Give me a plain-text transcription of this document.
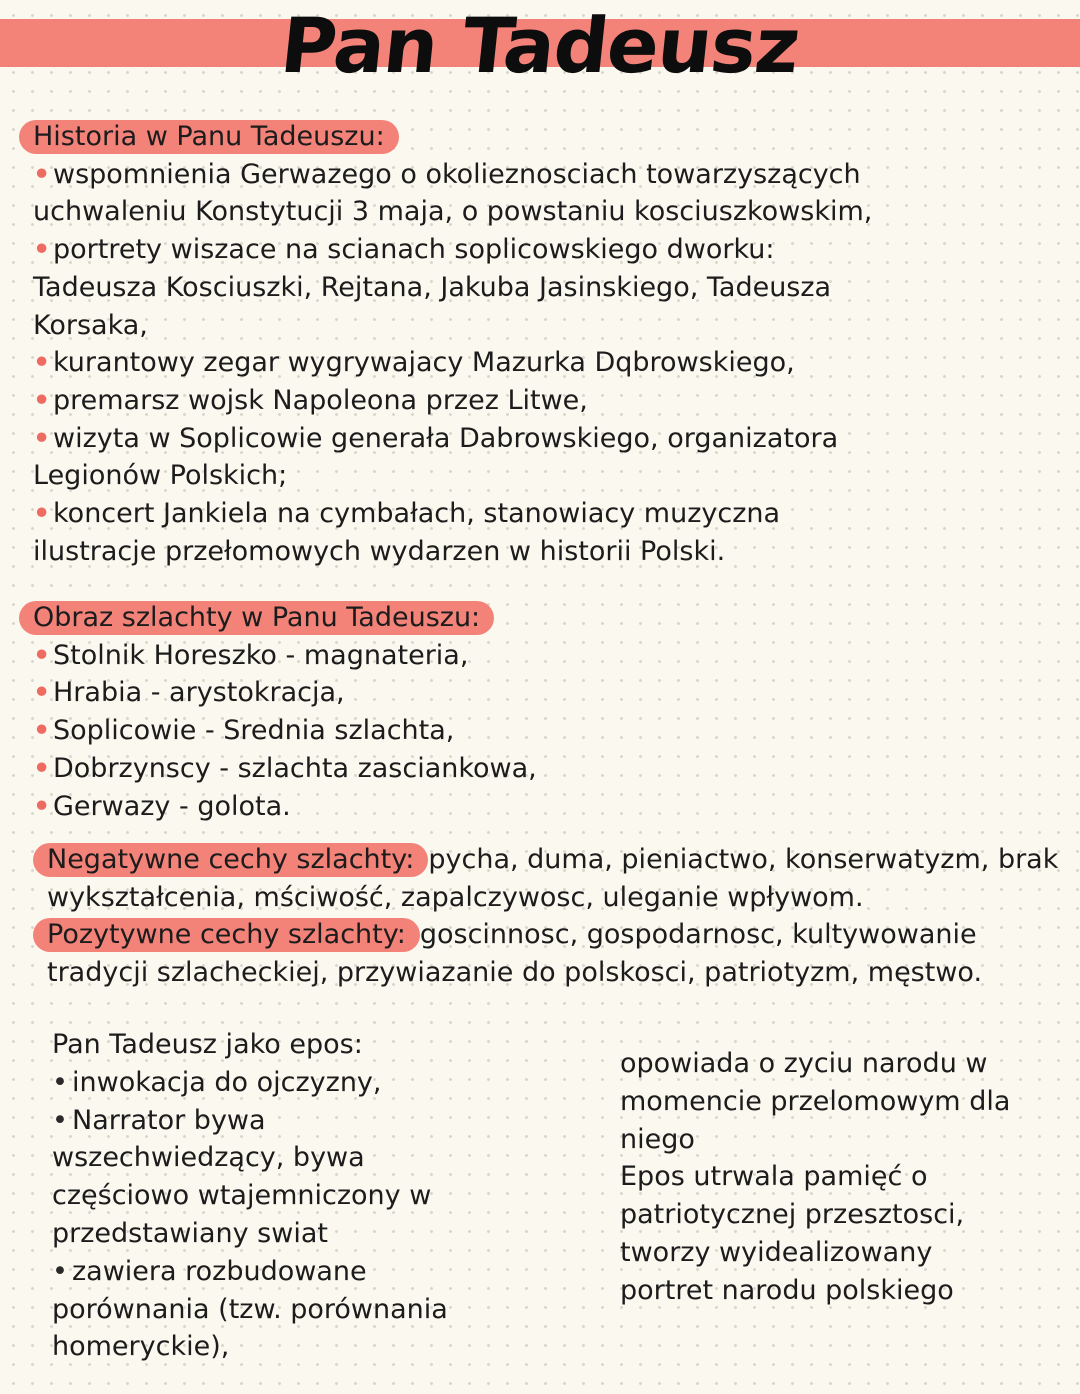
Pan Tadeusz
Historia w Panu Tadeuszu:
• wspomnienia Gerwazego o okolieznosciach towarzyszących
uchwaleniu Konstytucji 3 maja, o powstaniu kosciuszkowskim,
• portrety wiszace na scianach soplicowskiego dworku:
Tadeusza Kosciuszki, Rejtana, Jakuba Jasinskiego, Tadeusza
Korsaka,
• kurantowy zegar wygrywajacy Mazurka Dqbrowskiego,
• premarsz wojsk Napoleona przez Litwe,
• wizyta w Soplicowie generała Dabrowskiego, organizatora
Legionów Polskich;
• koncert Jankiela na cymbałach, stanowiacy muzyczna
ilustracje przełomowych wydarzen w historii Polski.
Obraz szlachty w Panu Tadeuszu:
• Stolnik Horeszko - magnateria,
• Hrabia - arystokracja,
• Soplicowie - Srednia szlachta,
• Dobrzynscy - szlachta zasciankowa,
• Gerwazy - golota.
Negatywne cechy szlachty: pycha, duma, pieniactwo, konserwatyzm, brak
wykształcenia, mściwość, zapalczywosc, uleganie wpływom.
Pozytywne cechy szlachty: goscinnosc, gospodarnosc, kultywowanie
tradycji szlacheckiej, przywiazanie do polskosci, patriotyzm, męstwo.
Pan Tadeusz jako epos:
• inwokacja do ojczyzny,
• Narrator bywa
wszechwiedzący, bywa
częściowo wtajemniczony w
przedstawiany swiat
• zawiera rozbudowane
porównania (tzw. porównania
homeryckie),
opowiada o zyciu narodu w
momencie przelomowym dla
niego
Epos utrwala pamięć o
patriotycznej przesztosci,
tworzy wyidealizowany
portret narodu polskiego
